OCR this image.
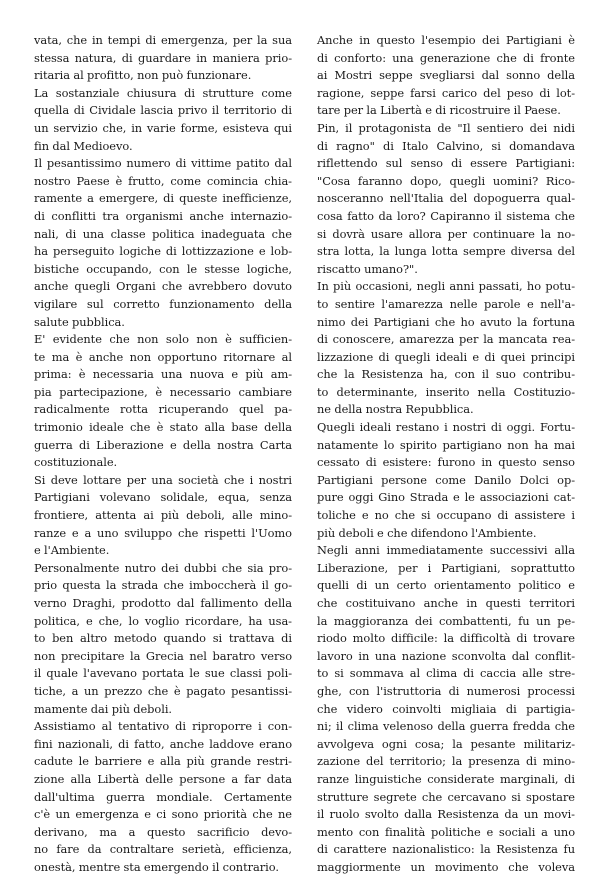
vata, che in tempi di emergenza, per la sua
stessa natura, di guardare in maniera prio-
ritaria al profitto, non può funzionare.

La sostanziale chiusura di strutture come
quella di Cividale lascia privo il territorio di
un servizio che, in varie forme, esisteva qui
fin dal Medioevo.

Il pesantissimo numero di vittime patito dal
nostro Paese è frutto, come comincia chia-
ramente a emergere, di queste inefficienze,
di conflitti tra organismi anche internazio-
nali, di una classe politica inadeguata che
ha perseguito logiche di lottizzazione e lob-
bistiche occupando, con le stesse logiche,
anche quegli Organi che avrebbero dovuto
vigilare sul corretto funzionamento della
salute pubblica.

E' evidente che non solo non è sufficien-
te ma è anche non opportuno ritornare al
prima: è necessaria una nuova e più am-
pia partecipazione, è necessario cambiare
radicalmente rotta ricuperando quel pa-
trimonio ideale che è stato alla base della
guerra di Liberazione e della nostra Carta
costituzionale.

Si deve lottare per una società che i nostri
Partigiani volevano solidale, equa, senza
frontiere, attenta ai più deboli, alle mino-
ranze e a uno sviluppo che rispetti l'Uomo
e l'Ambiente.

Personalmente nutro dei dubbi che sia pro-
prio questa la strada che imboccherà il go-
verno Draghi, prodotto dal fallimento della
politica, e che, lo voglio ricordare, ha usa-
to ben altro metodo quando si trattava di
non precipitare la Grecia nel baratro verso
il quale l'avevano portata le sue classi poli-
tiche, a un prezzo che è pagato pesantissi-
mamente dai più deboli.

Assistiamo al tentativo di riproporre i con-
fini nazionali, di fatto, anche laddove erano
cadute le barriere e alla più grande restri-
zione alla Libertà delle persone a far data
dall'ultima guerra mondiale. Certamente
c'è un emergenza e ci sono priorità che ne
derivano, ma a questo sacrificio devo-
no fare da contraltare serietà, efficienza,
onestà, mentre sta emergendo il contrario.

Anche in questo l'esempio dei Partigiani è
di conforto: una generazione che di fronte
ai Mostri seppe svegliarsi dal sonno della
ragione, seppe farsi carico del peso di lot-
tare per la Libertà e di ricostruire il Paese.

Pin, il protagonista de "Il sentiero dei nidi
di ragno" di Italo Calvino, si domandava
riflettendo sul senso di essere Partigiani:
"Cosa faranno dopo, quegli uomini? Rico-
nosceranno nell'Italia del dopoguerra qual-
cosa fatto da loro? Capiranno il sistema che
si dovrà usare allora per continuare la no-
stra lotta, la lunga lotta sempre diversa del
riscatto umano?".

In più occasioni, negli anni passati, ho potu-
to sentire l'amarezza nelle parole e nell'a-
nimo dei Partigiani che ho avuto la fortuna
di conoscere, amarezza per la mancata rea-
lizzazione di quegli ideali e di quei principi
che la Resistenza ha, con il suo contribu-
to determinante, inserito nella Costituzio-
ne della nostra Repubblica.

Quegli ideali restano i nostri di oggi. Fortu-
natamente lo spirito partigiano non ha mai
cessato di esistere: furono in questo senso
Partigiani persone come Danilo Dolci op-
pure oggi Gino Strada e le associazioni cat-
toliche e no che si occupano di assistere i
più deboli e che difendono l'Ambiente.

Negli anni immediatamente successivi alla
Liberazione, per i Partigiani, soprattutto
quelli di un certo orientamento politico e
che costituivano anche in questi territori
la maggioranza dei combattenti, fu un pe-
riodo molto difficile: la difficoltà di trovare
lavoro in una nazione sconvolta dal conflit-
to si sommava al clima di caccia alle stre-
ghe, con l'istruttoria di numerosi processi
che videro coinvolti migliaia di partigia-
ni; il clima velenoso della guerra fredda che
avvolgeva ogni cosa; la pesante militariz-
zazione del territorio; la presenza di mino-
ranze linguistiche considerate marginali, di
strutture segrete che cercavano si spostare
il ruolo svolto dalla Resistenza da un movi-
mento con finalità politiche e sociali a uno
di carattere nazionalistico: la Resistenza fu
maggiormente un movimento che voleva
